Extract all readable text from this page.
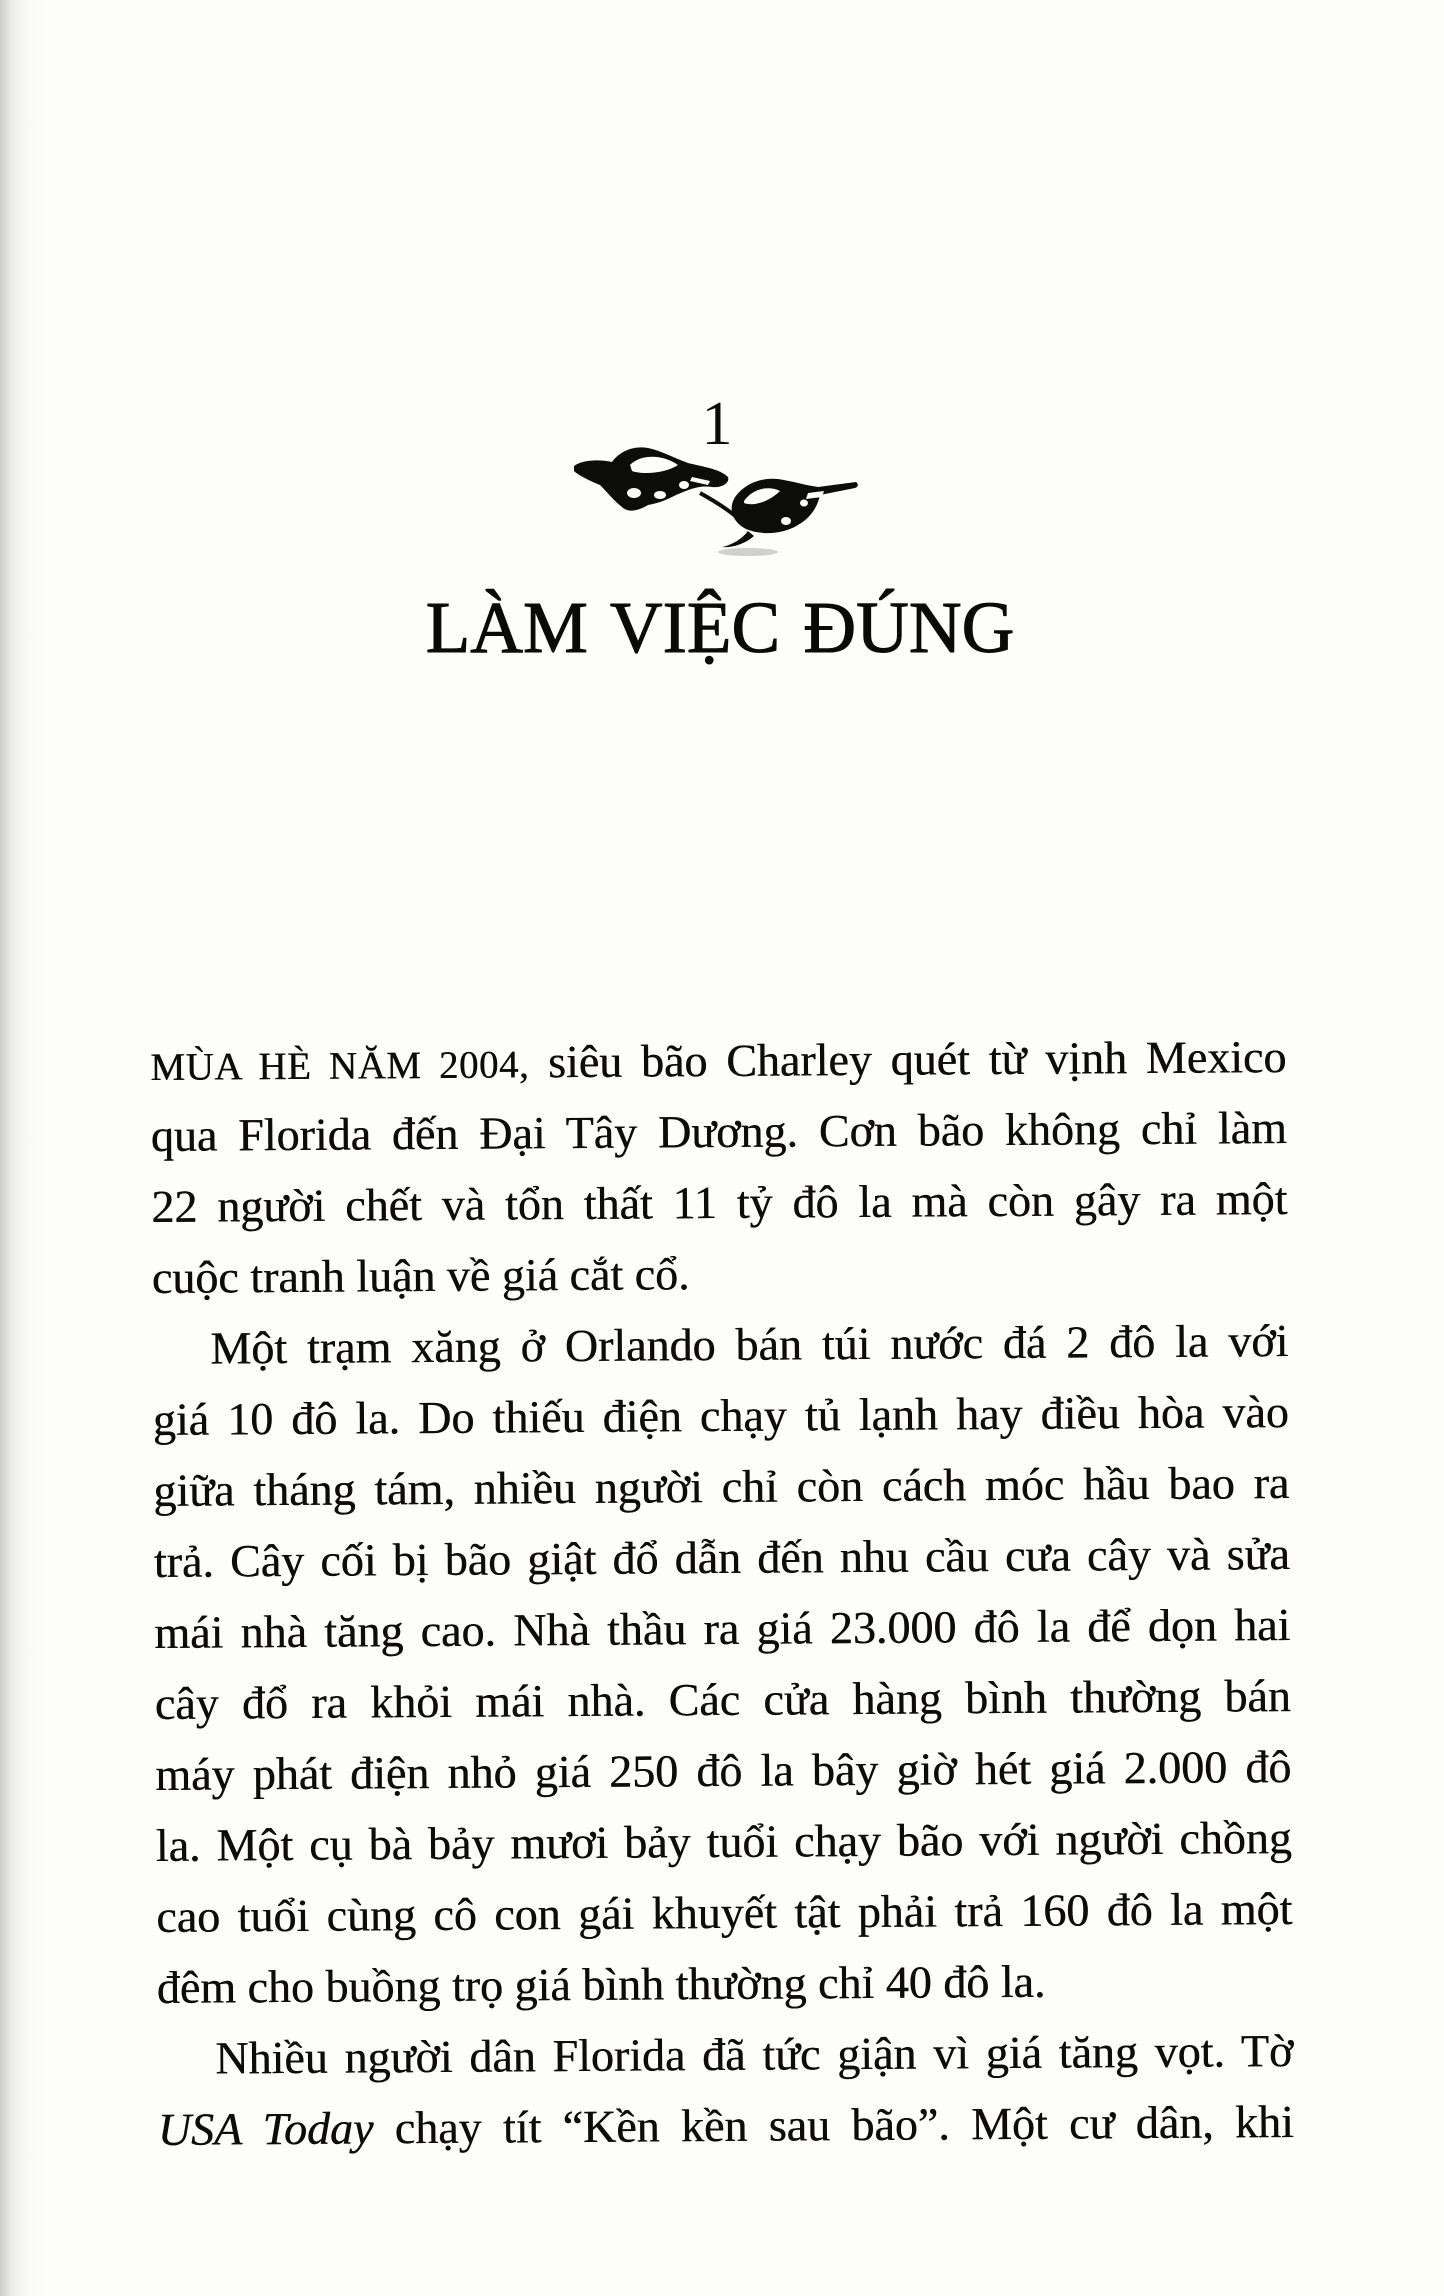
1
LÀM VIỆC ĐÚNG
MÙA HÈ NĂM 2004, siêu bão Charley quét từ vịnh Mexico
qua Florida đến Đại Tây Dương. Cơn bão không chỉ làm
22 người chết và tổn thất 11 tỷ đô la mà còn gây ra một
cuộc tranh luận về giá cắt cổ.
Một trạm xăng ở Orlando bán túi nước đá 2 đô la với
giá 10 đô la. Do thiếu điện chạy tủ lạnh hay điều hòa vào
giữa tháng tám, nhiều người chỉ còn cách móc hầu bao ra
trả. Cây cối bị bão giật đổ dẫn đến nhu cầu cưa cây và sửa
mái nhà tăng cao. Nhà thầu ra giá 23.000 đô la để dọn hai
cây đổ ra khỏi mái nhà. Các cửa hàng bình thường bán
máy phát điện nhỏ giá 250 đô la bây giờ hét giá 2.000 đô
la. Một cụ bà bảy mươi bảy tuổi chạy bão với người chồng
cao tuổi cùng cô con gái khuyết tật phải trả 160 đô la một
đêm cho buồng trọ giá bình thường chỉ 40 đô la.
Nhiều người dân Florida đã tức giận vì giá tăng vọt. Tờ
USA Today chạy tít “Kền kền sau bão”. Một cư dân, khi
